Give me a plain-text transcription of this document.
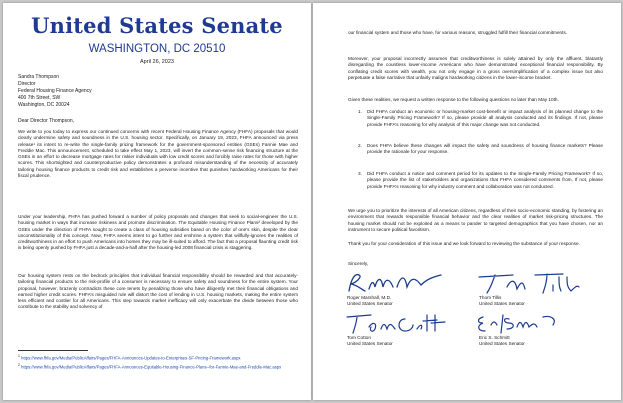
United States Senate
WASHINGTON, DC 20510
April 26, 2023
Sandra Thompson
Director
Federal Housing Finance Agency
400 7th Street, SW
Washington, DC 20024
Dear Director Thompson,
We write to you today to express our continued concerns with recent Federal Housing Finance Agency (FHFA) proposals that would clearly undermine safety and soundness in the U.S. housing sector. Specifically, on January 19, 2023, FHFA announced via press release¹ its intent to re-write the single-family pricing framework for the government-sponsored entities (GSEs) Fannie Mae and Freddie Mac. This announcement, scheduled to take effect May 1, 2023, will invert the common-sense risk financing structure at the GSEs in an effort to decrease mortgage rates for riskier individuals with low credit scores and forcibly raise rates for those with higher scores. This shortsighted and counterproductive policy demonstrates a profound misunderstanding of the necessity of accurately tailoring housing finance products to credit risk and establishes a perverse incentive that punishes hardworking Americans for their fiscal prudence.
Under your leadership, FHFA has pushed forward a number of policy proposals and changes that seek to social-engineer the U.S. housing market in ways that increase riskiness and promote discrimination. The Equitable Housing Finance Plans² developed by the GSEs under the direction of FHFA sought to create a class of housing subsidies based on the color of one’s skin, despite the clear unconstitutionality of this concept. Now, FHFA seems intent to go further and enshrine a system that willfully-ignores the realities of creditworthiness in an effort to push Americans into homes they may be ill-suited to afford. The fact that a proposal flaunting credit risk is being openly pushed by FHFA just a decade-and-a-half after the housing-led 2008 financial crisis is staggering.
Our housing system rests on the bedrock principles that individual financial responsibility should be rewarded and that accurately-tailoring financial products to the risk-profile of a consumer is necessary to ensure safety and soundness for the entire system. Your proposal, however, brazenly contradicts these core tenets by penalizing those who have diligently met their financial obligations and earned higher credit scores. FHFA’s misguided rule will distort the cost of lending in U.S. housing markets, making the entire system less efficient and costlier for all Americans. This step towards market inefficacy will only exacerbate the divide between those who contribute to the stability and solvency of
$^1$ https://www.fhfa.gov/Media/PublicAffairs/Pages/FHFA-Announces-Updates-to-Enterprises-SF-Pricing-Framework.aspx
$^2$ https://www.fhfa.gov/Media/PublicAffairs/Pages/FHFA-Announces-Equitable-Housing-Finance-Plans--for-Fannie-Mae-and-Freddie-Mac.aspx
our financial system and those who have, for various reasons, struggled fulfill their financial commitments.
Moreover, your proposal incorrectly assumes that creditworthiness is solely attained by only the affluent, blatantly disregarding the countless lower-income Americans who have demonstrated exceptional financial responsibility. By conflating credit scores with wealth, you not only engage in a gross oversimplification of a complex issue but also perpetuate a false narrative that unfairly maligns hardworking citizens in the lower-income bracket.
Given these realities, we request a written response to the following questions no later than May 10th.
1. Did FHFA conduct an economic or housing-market cost-benefit or impact analysis of its planned change to the Single-Family Pricing Framework? If so, please provide all analysis conducted and its findings. If not, please provide FHFA’s reasoning for why analysis of this major change was not conducted.
2. Does FHFA believe these changes will impact the safety and soundness of housing finance markets? Please provide the rationale for your response.
3. Did FHFA conduct a notice and comment period for its updates to the Single-Family Pricing Framework? If so, please provide the list of stakeholders and organizations that FHFA considered comments from. If not, please provide FHFA’s reasoning for why industry comment and collaboration was not conducted.
We urge you to prioritize the interests of all American citizens, regardless of their socio-economic standing, by fostering an environment that rewards responsible financial behavior and the clear realities of market risk-pricing structures. The housing market should not be exploited as a means to pander to targeted demographics that you have chosen, nor an instrument to secure political favoritism.
Thank you for your consideration of this issue and we look forward to reviewing the substance of your response.
Sincerely,
Roger Marshall, M.D.
United States Senator
Thom Tillis
United States Senator
Tom Cotton
United States Senator
Eric S. Schmitt
United States Senator
